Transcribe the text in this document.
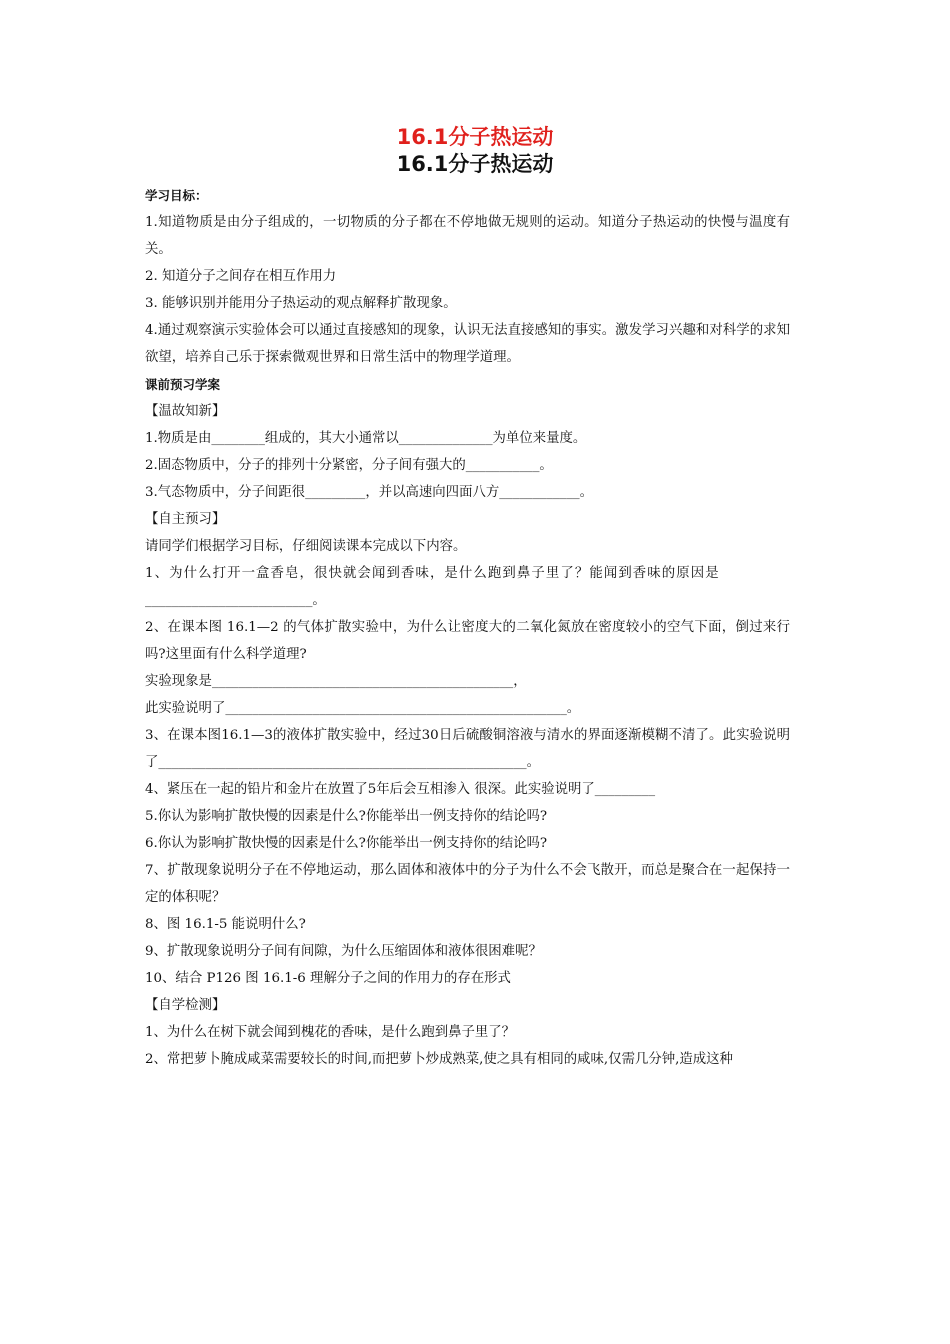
16.1分子热运动
16.1分子热运动
学习目标：
1.知道物质是由分子组成的，一切物质的分子都在不停地做无规则的运动。知道分子热运动的快慢与温度有关。
2. 知道分子之间存在相互作用力
3. 能够识别并能用分子热运动的观点解释扩散现象。
4.通过观察演示实验体会可以通过直接感知的现象，认识无法直接感知的事实。激发学习兴趣和对科学的求知欲望，培养自己乐于探索微观世界和日常生活中的物理学道理。
课前预习学案
【温故知新】
1.物质是由________组成的，其大小通常以______________为单位来量度。
2.固态物质中，分子的排列十分紧密，分子间有强大的___________。
3.气态物质中，分子间距很_________，并以高速向四面八方____________。
【自主预习】
请同学们根据学习目标，仔细阅读课本完成以下内容。
1、为什么打开一盒香皂，很快就会闻到香味，是什么跑到鼻子里了？能闻到香味的原因是
_________________________。
2、在课本图 16.1—2 的气体扩散实验中，为什么让密度大的二氧化氮放在密度较小的空气下面，倒过来行吗?这里面有什么科学道理?
实验现象是_____________________________________________，
此实验说明了___________________________________________________。
3、在课本图16.1—3的液体扩散实验中，经过30日后硫酸铜溶液与清水的界面逐渐模糊不清了。此实验说明了_______________________________________________________。
4、紧压在一起的铅片和金片在放置了5年后会互相渗入 很深。此实验说明了_________
5.你认为影响扩散快慢的因素是什么?你能举出一例支持你的结论吗?
6.你认为影响扩散快慢的因素是什么?你能举出一例支持你的结论吗?
7、扩散现象说明分子在不停地运动，那么固体和液体中的分子为什么不会飞散开，而总是聚合在一起保持一定的体积呢？
8、图 16.1-5 能说明什么?
9、扩散现象说明分子间有间隙，为什么压缩固体和液体很困难呢？
10、结合 P126 图 16.1-6 理解分子之间的作用力的存在形式
【自学检测】
1、为什么在树下就会闻到槐花的香味，是什么跑到鼻子里了？
2、常把萝卜腌成咸菜需要较长的时间,而把萝卜炒成熟菜,使之具有相同的咸味,仅需几分钟,造成这种
